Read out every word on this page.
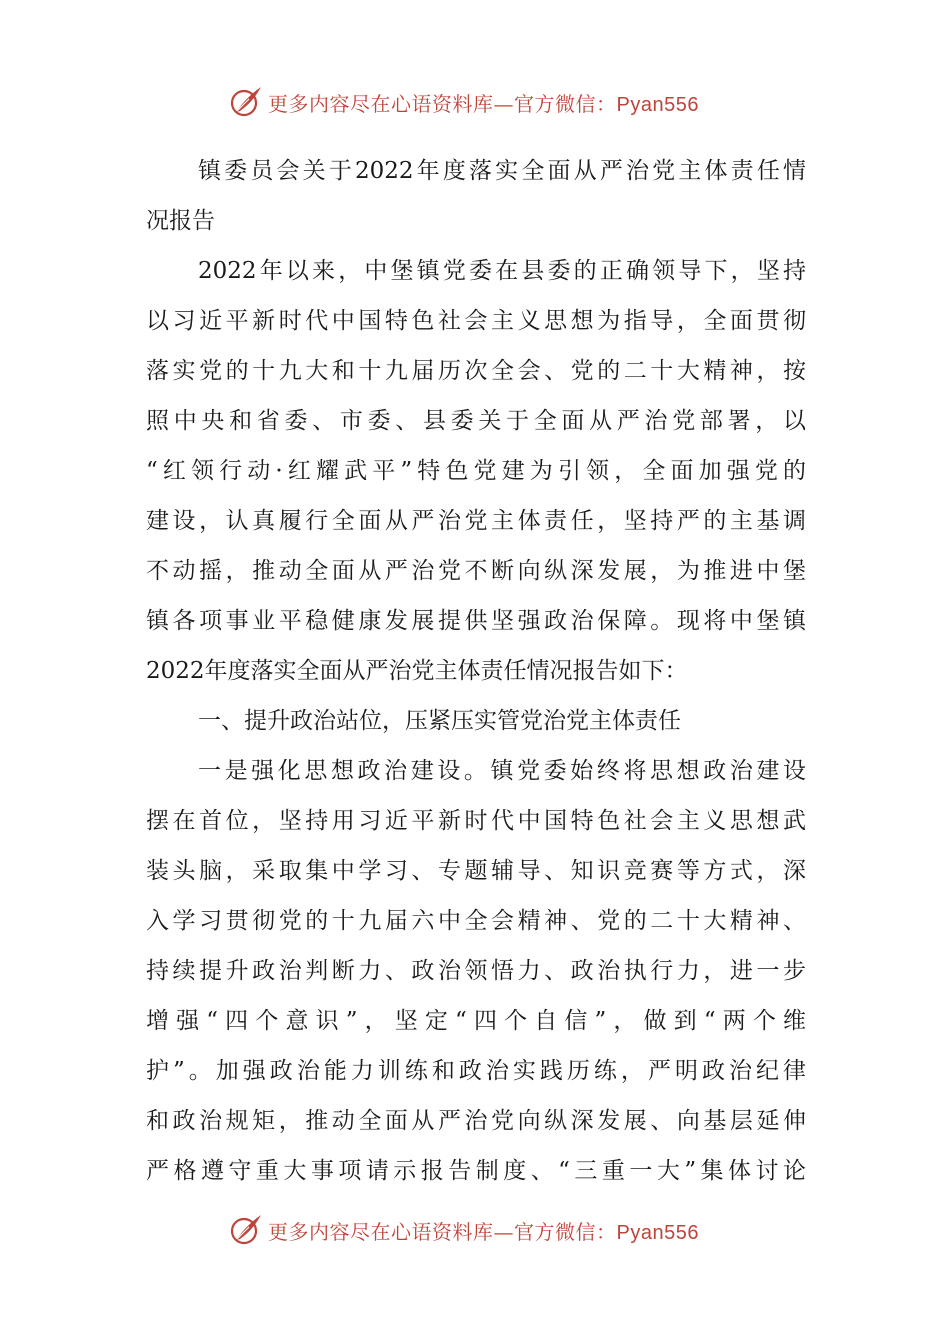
更多内容尽在心语资料库—官方微信：Pyan556
镇委员会关于2022年度落实全面从严治党主体责任情
况报告
2022年以来，中堡镇党委在县委的正确领导下，坚持
以习近平新时代中国特色社会主义思想为指导，全面贯彻
落实党的十九大和十九届历次全会、党的二十大精神，按
照中央和省委、市委、县委关于全面从严治党部署，以
“红领行动·红耀武平”特色党建为引领，全面加强党的
建设，认真履行全面从严治党主体责任，坚持严的主基调
不动摇，推动全面从严治党不断向纵深发展，为推进中堡
镇各项事业平稳健康发展提供坚强政治保障。现将中堡镇
2022年度落实全面从严治党主体责任情况报告如下：
一、提升政治站位，压紧压实管党治党主体责任
一是强化思想政治建设。镇党委始终将思想政治建设
摆在首位，坚持用习近平新时代中国特色社会主义思想武
装头脑，采取集中学习、专题辅导、知识竞赛等方式，深
入学习贯彻党的十九届六中全会精神、党的二十大精神、
持续提升政治判断力、政治领悟力、政治执行力，进一步
增强“四个意识”，坚定“四个自信”，做到“两个维
护”。加强政治能力训练和政治实践历练，严明政治纪律
和政治规矩，推动全面从严治党向纵深发展、向基层延伸
严格遵守重大事项请示报告制度、“三重一大”集体讨论
更多内容尽在心语资料库—官方微信：Pyan556
